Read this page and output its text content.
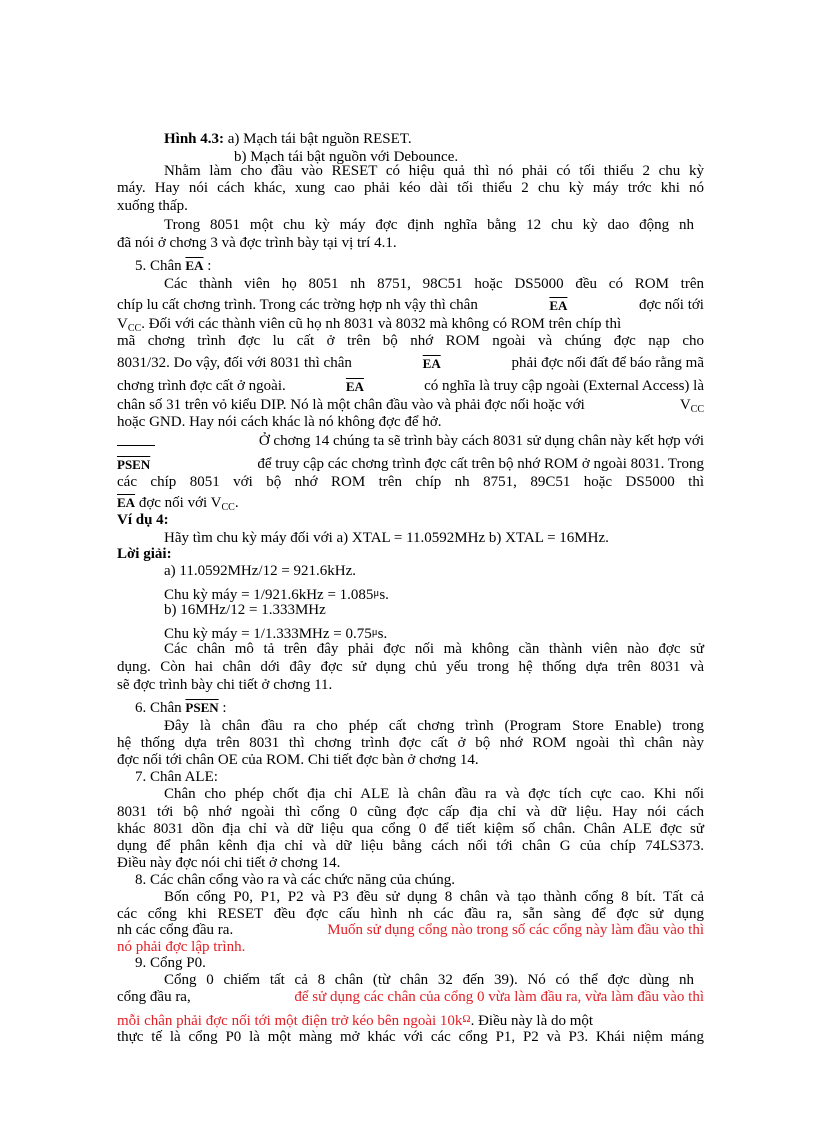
Hình 4.3: a) Mạch tái bật nguồn RESET.
b) Mạch tái bật nguồn với Debounce.
Nhằm làm cho đầu vào RESET có hiệu quả thì nó phải có tối thiểu 2 chu kỳ
máy. Hay nói cách khác, xung cao phải kéo dài tối thiểu 2 chu kỳ máy trớc khi nó
xuống thấp.
Trong 8051 một chu kỳ máy đợc định nghĩa bằng 12 chu kỳ dao động nh
đã nói ở chơng 3 và đợc trình bày tại vị trí 4.1.
5. Chân $\overline{EA}$ :
Các thành viên họ 8051 nh 8751, 98C51 hoặc DS5000 đều có ROM trên
chíp lu cất chơng trình. Trong các trờng hợp nh vậy thì chân	$\overline{EA}$	đợc nối tới
$V_{CC}$. Đối với các thành viên cũ họ nh 8031 và 8032 mà không có ROM trên chíp thì
mã chơng trình đợc lu cất ở trên bộ nhớ ROM ngoài và chúng đợc nạp cho
8031/32. Do vậy, đối với 8031 thì chân	$\overline{EA}$	phải đợc nối đất để báo rằng mã
chơng trình đợc cất ở ngoài.	$\overline{EA}$	có nghĩa là truy cập ngoài (External Access) là
chân số 31 trên vỏ kiểu DIP. Nó là một chân đầu vào và phải đợc nối hoặc với	$V_{CC}$
hoặc GND. Hay nói cách khác là nó không đợc để hở.
Ở chơng 14 chúng ta sẽ trình bày cách 8031 sử dụng chân này kết hợp với
PSEN	để truy cập các chơng trình đợc cất trên bộ nhớ ROM ở ngoài 8031. Trong
các chíp 8051 với bộ nhớ ROM trên chíp nh 8751, 89C51 hoặc DS5000 thì
$\overline{EA}$ đợc nối với $V_{CC}$.
Ví dụ 4:
Hãy tìm chu kỳ máy đối với a) XTAL = 11.0592MHz b) XTAL = 16MHz.
Lời giải:
a) 11.0592MHz/12 = 921.6kHz.
Chu kỳ máy = $1/921.6kHz = 1.085^\mu s$.
b) 16MHz/12 = 1.333MHz
Chu kỳ máy = $1/1.333MHz = 0.75^\mu s$.
Các chân mô tả trên đây phải đợc nối mà không cần thành viên nào đợc sử
dụng. Còn hai chân dới đây đợc sử dụng chủ yếu trong hệ thống dựa trên 8031 và
sẽ đợc trình bày chi tiết ở chơng 11.
6. Chân PSEN :
Đây là chân đầu ra cho phép cất chơng trình (Program Store Enable) trong
hệ thống dựa trên 8031 thì chơng trình đợc cất ở bộ nhớ ROM ngoài thì chân này
đợc nối tới chân OE của ROM. Chi tiết đợc bàn ở chơng 14.
7. Chân ALE:
Chân cho phép chốt địa chỉ ALE là chân đầu ra và đợc tích cực cao. Khi nối
8031 tới bộ nhớ ngoài thì cổng 0 cũng đợc cấp địa chỉ và dữ liệu. Hay nói cách
khác 8031 dồn địa chỉ và dữ liệu qua cổng 0 để tiết kiệm số chân. Chân ALE đợc sử
dụng để phân kênh địa chỉ và dữ liệu bằng cách nối tới chân G của chíp 74LS373.
Điều này đợc nói chi tiết ở chơng 14.
8. Các chân cổng vào ra và các chức năng của chúng.
Bốn cổng P0, P1, P2 và P3 đều sử dụng 8 chân và tạo thành cổng 8 bít. Tất cả
các cổng khi RESET đều đợc cấu hình nh các đầu ra, sẵn sàng để đợc sử dụng
nh các cổng đầu ra.	Muốn sử dụng cổng nào trong số các cổng này làm đầu vào thì
nó phải đợc lập trình.
9. Cổng P0.
Cổng 0 chiếm tất cả 8 chân (từ chân 32 đến 39). Nó có thể đợc dùng nh
cổng đầu ra,	để sử dụng các chân của cổng 0 vừa làm đầu ra, vừa làm đầu vào thì
mỗi chân phải đợc nối tới một điện trở kéo bên ngoài $10k^\Omega$. Điều này là do một
thực tế là cổng P0 là một màng mở khác với các cổng P1, P2 và P3. Khái niệm máng
